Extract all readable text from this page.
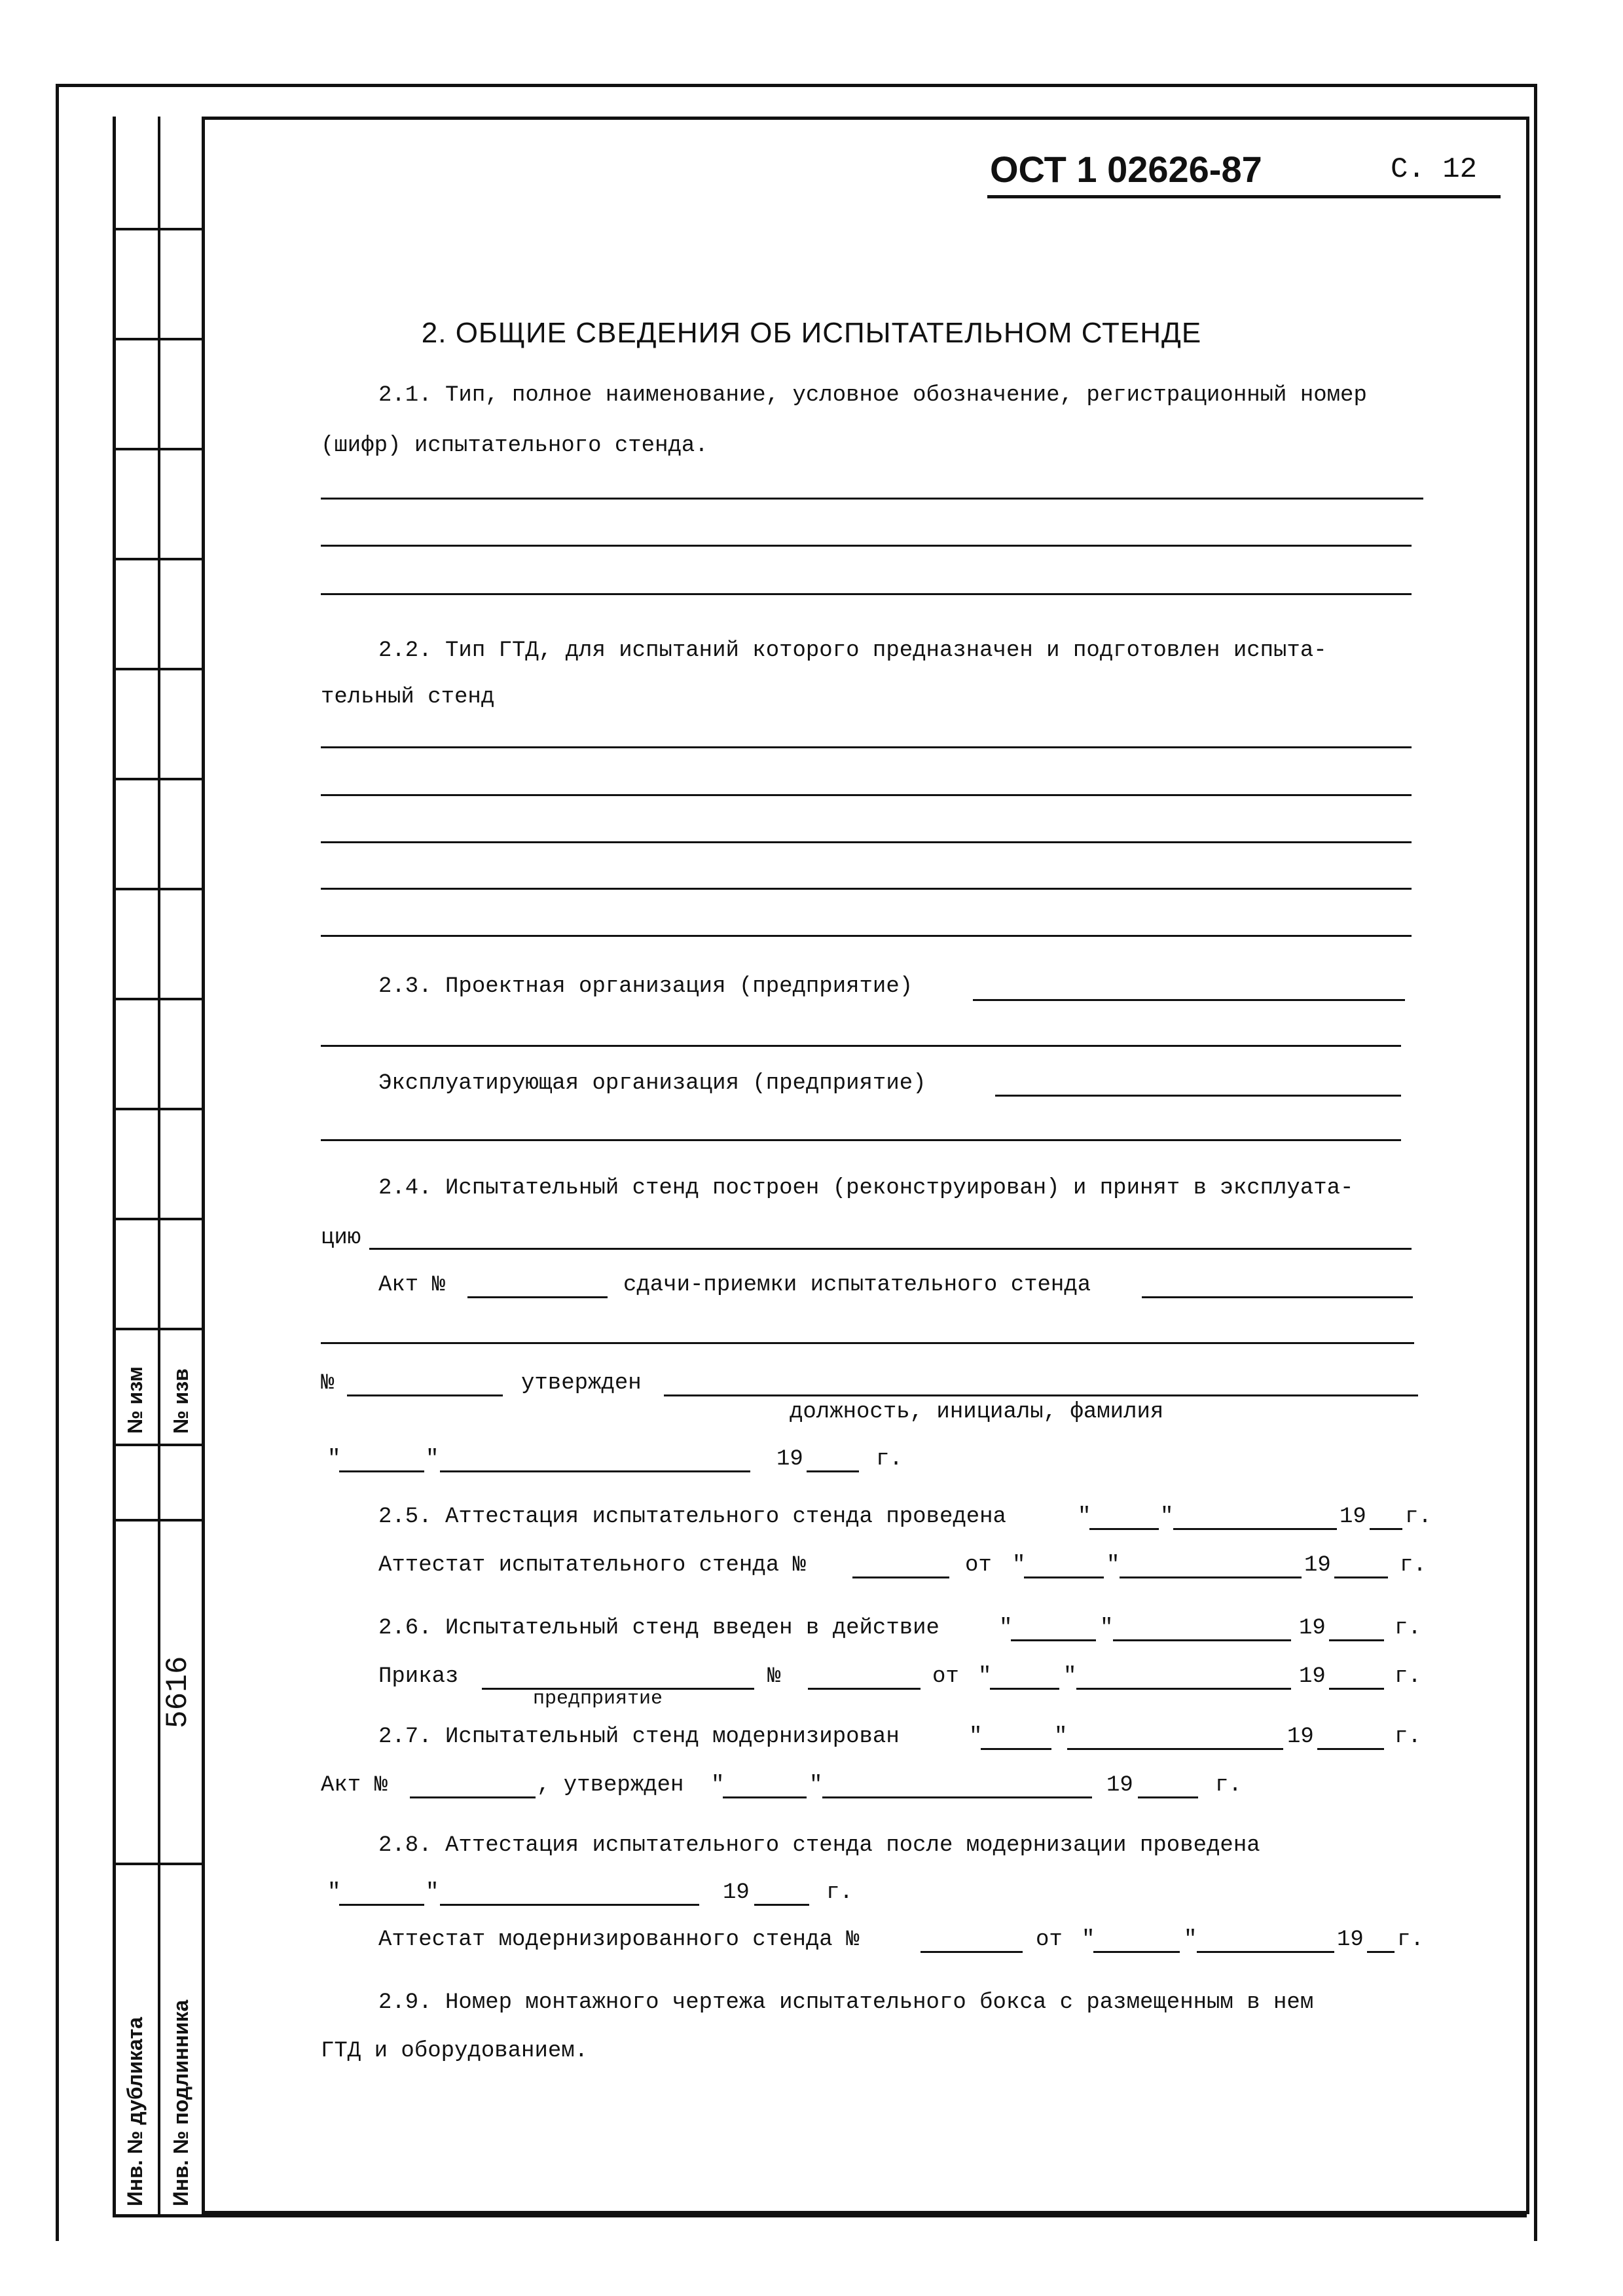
№ изм № изв
5616
Инв. № дубликата Инв. № подлинника
ОСТ 1 02626-87	С. 12
2. ОБЩИЕ СВЕДЕНИЯ ОБ ИСПЫТАТЕЛЬНОМ СТЕНДЕ
2.1. Тип, полное наименование, условное обозначение, регистрационный номер
(шифр) испытательного стенда.
2.2. Тип ГТД, для испытаний которого предназначен и подготовлен испыта-
тельный стенд
2.3. Проектная организация (предприятие)
Эксплуатирующая организация (предприятие)
2.4. Испытательный стенд построен (реконструирован) и принят в эксплуата-
цию
Акт №	сдачи-приемки испытательного стенда
№	утвержден
должность, инициалы, фамилия
"	"	19	г.
2.5. Аттестация испытательного стенда проведена	"	"	19 г.
Аттестат испытательного стенда №	от "	"	19	г.
2.6. Испытательный стенд введен в действие	"	"	19	г.
Приказ	№	от "	"	19	г.
предприятие
2.7. Испытательный стенд модернизирован	"	"	19	г.
Акт №	, утвержден "	"	19	г.
2.8. Аттестация испытательного стенда после модернизации проведена
"	"	19	г.
Аттестат модернизированного стенда №	от "	"	19 г.
2.9. Номер монтажного чертежа испытательного бокса с размещенным в нем
ГТД и оборудованием.
